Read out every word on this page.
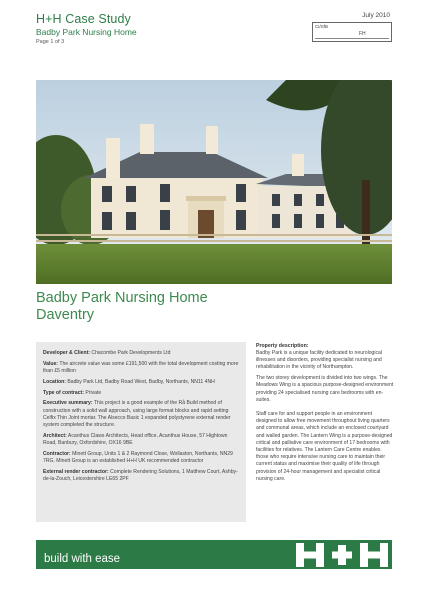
H+H Case Study
Badby Park Nursing Home
Page 1 of 3
July 2010
CI/SfB
FH
Badby Park Nursing Home
Daventry

Developer & Client: Chacombe Park Developments Ltd

Value: The aircrete value was some £191,500 with the total development costing more than £5 million

Location: Badby Park Ltd, Badby Road West, Badby, Northants, NN11 4NH

Type of contract: Private

Executive summary: This project is a good example of the Rå Build method of construction with a solid wall approach, using large format blocks and rapid setting Celfix Thin Joint mortar. The Alsecco Basic 1 expanded polystyrene external render system completed the structure.

Architect: Acanthus Claws Architects, Head office, Acanthus House, 57 Hightown Road, Banbury, Oxfordshire, OX16 9BE

Contractor: Minett Group, Units 1 & 2 Raymond Close, Wollaston, Northants, NN29 7RG. Minett Group is an established H+H UK recommended contractor

External render contractor: Complete Rendering Solutions, 1 Matthew Court, Ashby-de-la-Zouch, Leicestershire LE65 2PF

Property description:

Badby Park is a unique facility dedicated to neurological illnesses and disorders, providing specialist nursing and rehabilitation in the vicinity of Northampton.

The two storey development is divided into two wings. The Meadows Wing is a spacious purpose-designed environment providing 24 specialised nursing care bedrooms with en-suites.

Staff care for and support people in an environment designed to allow free movement throughout living quarters and communal areas, which include an enclosed courtyard and walled garden. The Lantern Wing is a purpose-designed critical and palliative care environment of 17 bedrooms with facilities for relatives. The Lantern Care Centre enables those who require intensive nursing care to maintain their current status and maximise their quality of life through provision of 24-hour management and specialist critical nursing care.

build with ease
